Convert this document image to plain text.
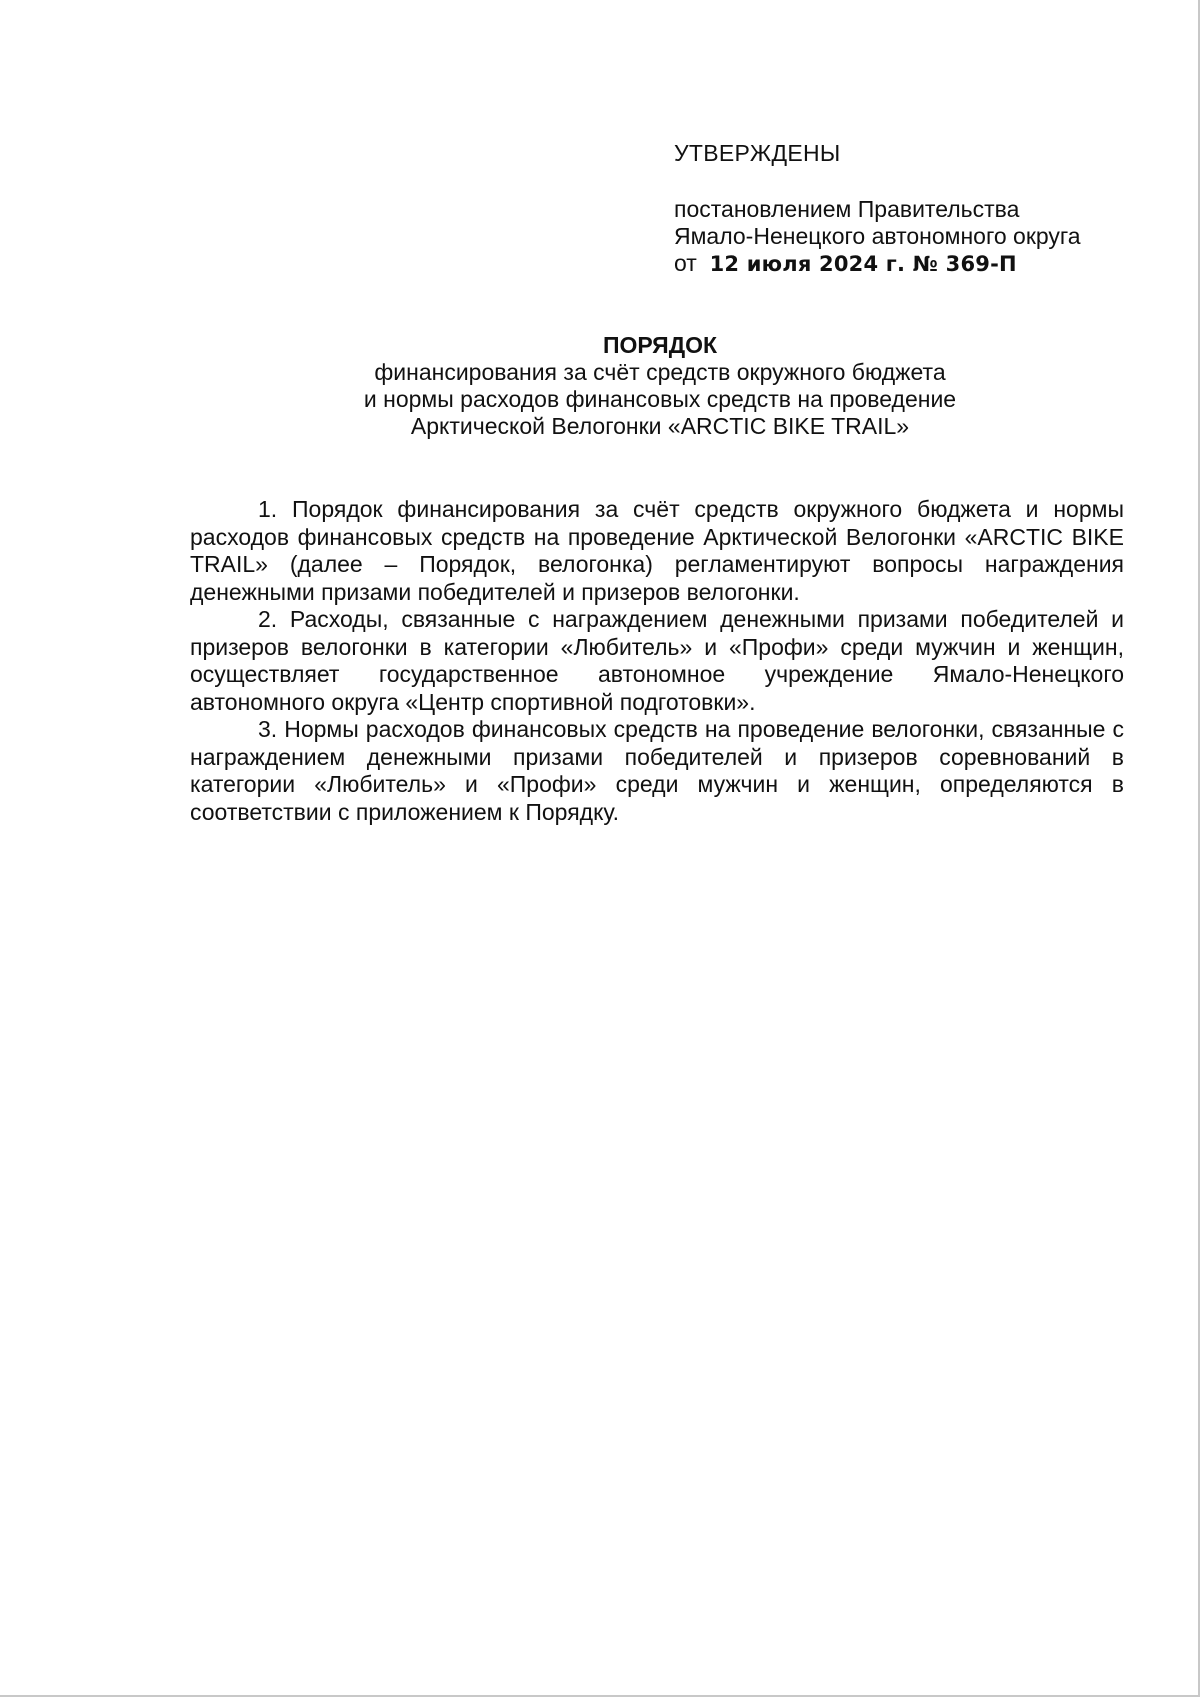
УТВЕРЖДЕНЫ

постановлением Правительства

Ямало-Ненецкого автономного округа

от 12 июля 2024 г. № 369-П

ПОРЯДОК

финансирования за счёт средств окружного бюджета

и нормы расходов финансовых средств на проведение

Арктической Велогонки «ARCTIC BIKE TRAIL»

1. Порядок финансирования за счёт средств окружного бюджета и нормы расходов финансовых средств на проведение Арктической Велогонки «ARCTIC BIKE TRAIL» (далее – Порядок, велогонка) регламентируют вопросы награждения денежными призами победителей и призеров велогонки.

2. Расходы, связанные с награждением денежными призами победителей и призеров велогонки в категории «Любитель» и «Профи» среди мужчин и женщин, осуществляет государственное автономное учреждение Ямало-Ненецкого автономного округа «Центр спортивной подготовки».

3. Нормы расходов финансовых средств на проведение велогонки, связанные с награждением денежными призами победителей и призеров соревнований в категории «Любитель» и «Профи» среди мужчин и женщин, определяются в соответствии с приложением к Порядку.
